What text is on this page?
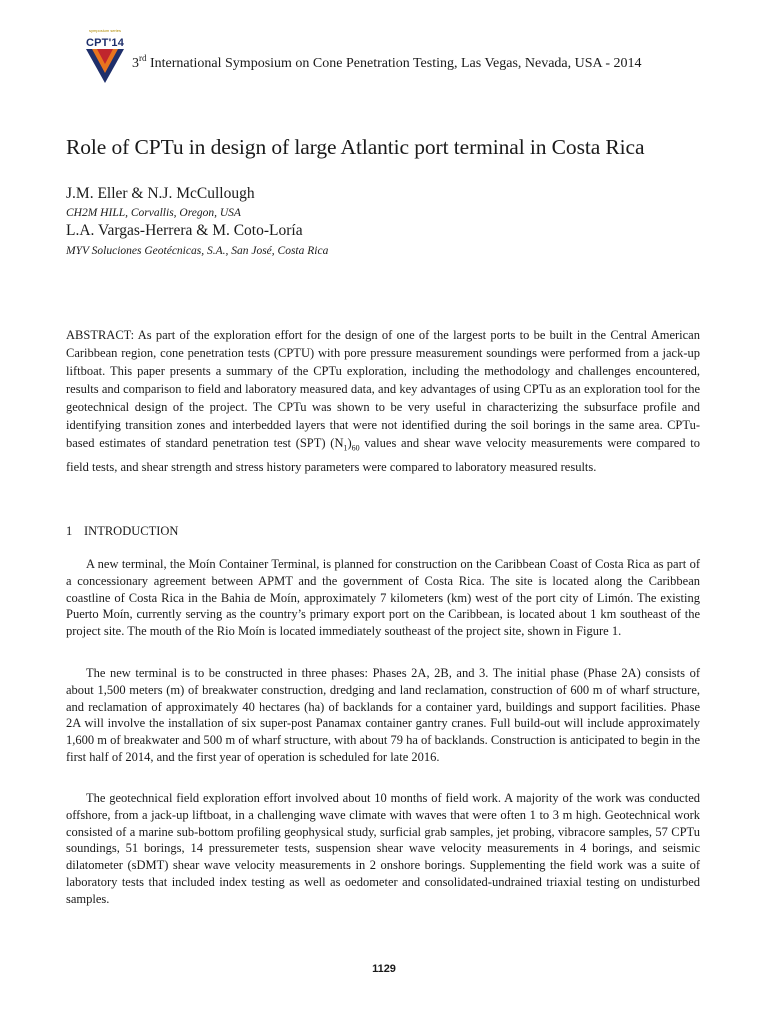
symposium series
CPT'14
3rd International Symposium on Cone Penetration Testing, Las Vegas, Nevada, USA - 2014
Role of CPTu in design of large Atlantic port terminal in Costa Rica
J.M. Eller & N.J. McCullough
CH2M HILL, Corvallis, Oregon, USA
L.A. Vargas-Herrera & M. Coto-Loría
MYV Soluciones Geotécnicas, S.A., San José, Costa Rica
ABSTRACT: As part of the exploration effort for the design of one of the largest ports to be built in the Central American Caribbean region, cone penetration tests (CPTU) with pore pressure measurement soundings were performed from a jack-up liftboat. This paper presents a summary of the CPTu exploration, including the methodology and challenges encountered, results and comparison to field and laboratory measured data, and key advantages of using CPTu as an exploration tool for the geotechnical design of the project. The CPTu was shown to be very useful in characterizing the subsurface profile and identifying transition zones and interbedded layers that were not identified during the soil borings in the same area. CPTu-based estimates of standard penetration test (SPT) $(N_1)_{60}$ values and shear wave velocity measurements were compared to field tests, and shear strength and stress history parameters were compared to laboratory measured results.
1 INTRODUCTION

A new terminal, the Moín Container Terminal, is planned for construction on the Caribbean Coast of Costa Rica as part of a concessionary agreement between APMT and the government of Costa Rica. The site is located along the Caribbean coastline of Costa Rica in the Bahia de Moín, approximately 7 kilometers (km) west of the port city of Limón. The existing Puerto Moín, currently serving as the country’s primary export port on the Caribbean, is located about 1 km southeast of the project site. The mouth of the Rio Moín is located immediately southeast of the project site, shown in Figure 1.

The new terminal is to be constructed in three phases: Phases 2A, 2B, and 3. The initial phase (Phase 2A) consists of about 1,500 meters (m) of breakwater construction, dredging and land reclamation, construction of 600 m of wharf structure, and reclamation of approximately 40 hectares (ha) of backlands for a container yard, buildings and support facilities. Phase 2A will involve the installation of six super-post Panamax container gantry cranes. Full build-out will include approximately 1,600 m of breakwater and 500 m of wharf structure, with about 79 ha of backlands. Construction is anticipated to begin in the first half of 2014, and the first year of operation is scheduled for late 2016.

The geotechnical field exploration effort involved about 10 months of field work. A majority of the work was conducted offshore, from a jack-up liftboat, in a challenging wave climate with waves that were often 1 to 3 m high. Geotechnical work consisted of a marine sub-bottom profiling geophysical study, surficial grab samples, jet probing, vibracore samples, 57 CPTu soundings, 51 borings, 14 pressuremeter tests, suspension shear wave velocity measurements in 4 borings, and seismic dilatometer (sDMT) shear wave velocity measurements in 2 onshore borings. Supplementing the field work was a suite of laboratory tests that included index testing as well as oedometer and consolidated-undrained triaxial testing on undisturbed samples.

1129
